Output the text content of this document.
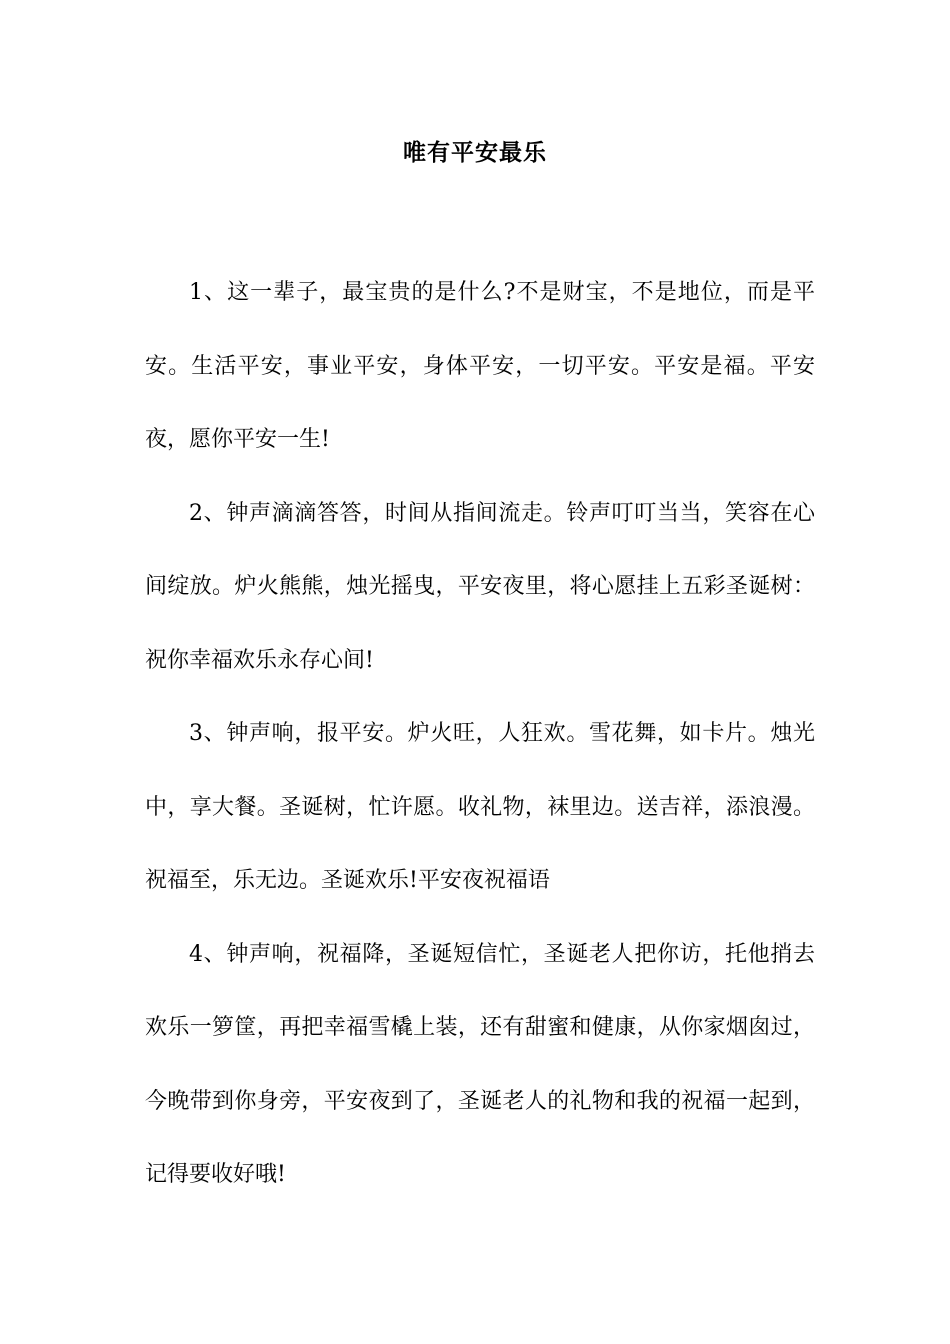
唯有平安最乐

1、这一辈子，最宝贵的是什么?不是财宝，不是地位，而是平安。生活平安，事业平安，身体平安，一切平安。平安是福。平安夜，愿你平安一生!

2、钟声滴滴答答，时间从指间流走。铃声叮叮当当，笑容在心间绽放。炉火熊熊，烛光摇曳，平安夜里，将心愿挂上五彩圣诞树：祝你幸福欢乐永存心间!

3、钟声响，报平安。炉火旺，人狂欢。雪花舞，如卡片。烛光中，享大餐。圣诞树，忙许愿。收礼物，袜里边。送吉祥，添浪漫。祝福至，乐无边。圣诞欢乐!平安夜祝福语

4、钟声响，祝福降，圣诞短信忙，圣诞老人把你访，托他捎去欢乐一箩筐，再把幸福雪橇上装，还有甜蜜和健康，从你家烟囱过，今晚带到你身旁，平安夜到了，圣诞老人的礼物和我的祝福一起到，记得要收好哦!
